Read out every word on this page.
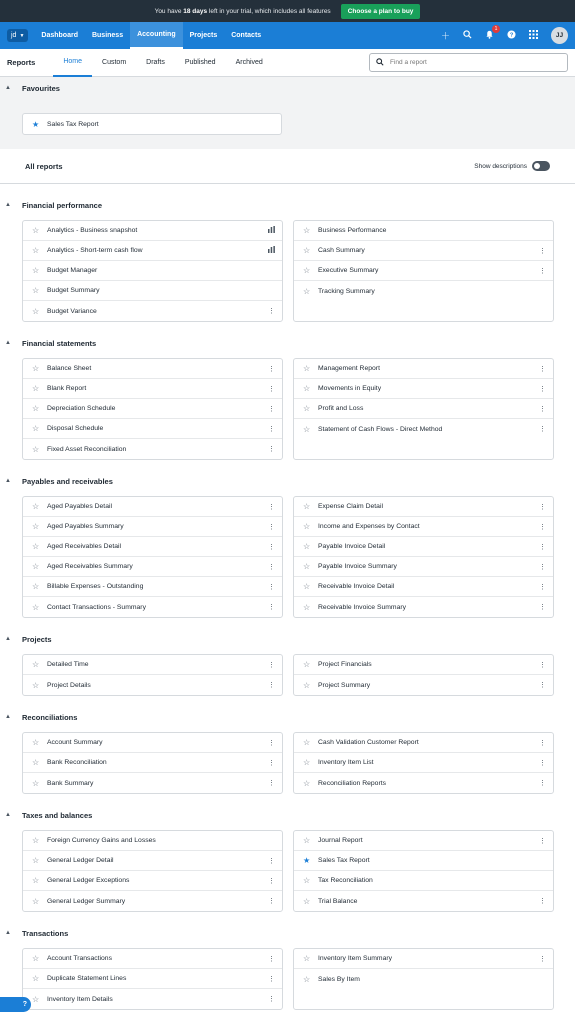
You have 18 days left in your trial, which includes all features	Choose a plan to buy
jd ▼	Dashboard	Business	Accounting	Projects	Contacts	＋
1
?	JJ
Reports	Home	Custom	Drafts	Published	Archived
Find a report
▲	Favourites
★	Sales Tax Report
All reports	Show descriptions
▲	Financial performance
☆	Analytics - Business snapshot
☆	Analytics - Short-term cash flow
☆	Budget Manager
☆	Budget Summary
☆	Budget Variance	⋮
☆	Business Performance
☆	Cash Summary	⋮
☆	Executive Summary	⋮
☆	Tracking Summary
▲	Financial statements
☆	Balance Sheet	⋮
☆	Blank Report	⋮
☆	Depreciation Schedule	⋮
☆	Disposal Schedule	⋮
☆	Fixed Asset Reconciliation	⋮
☆	Management Report	⋮
☆	Movements in Equity	⋮
☆	Profit and Loss	⋮
☆	Statement of Cash Flows - Direct Method	⋮
▲	Payables and receivables
☆	Aged Payables Detail	⋮
☆	Aged Payables Summary	⋮
☆	Aged Receivables Detail	⋮
☆	Aged Receivables Summary	⋮
☆	Billable Expenses - Outstanding	⋮
☆	Contact Transactions - Summary	⋮
☆	Expense Claim Detail	⋮
☆	Income and Expenses by Contact	⋮
☆	Payable Invoice Detail	⋮
☆	Payable Invoice Summary	⋮
☆	Receivable Invoice Detail	⋮
☆	Receivable Invoice Summary	⋮
▲	Projects
☆	Detailed Time	⋮
☆	Project Details	⋮
☆	Project Financials	⋮
☆	Project Summary	⋮
▲	Reconciliations
☆	Account Summary	⋮
☆	Bank Reconciliation	⋮
☆	Bank Summary	⋮
☆	Cash Validation Customer Report	⋮
☆	Inventory Item List	⋮
☆	Reconciliation Reports	⋮
▲	Taxes and balances
☆	Foreign Currency Gains and Losses
☆	General Ledger Detail	⋮
☆	General Ledger Exceptions	⋮
☆	General Ledger Summary	⋮
☆	Journal Report	⋮
★	Sales Tax Report
☆	Tax Reconciliation
☆	Trial Balance	⋮
▲	Transactions
☆	Account Transactions	⋮
☆	Duplicate Statement Lines	⋮
☆	Inventory Item Details	⋮
☆	Inventory Item Summary	⋮
☆	Sales By Item
?
